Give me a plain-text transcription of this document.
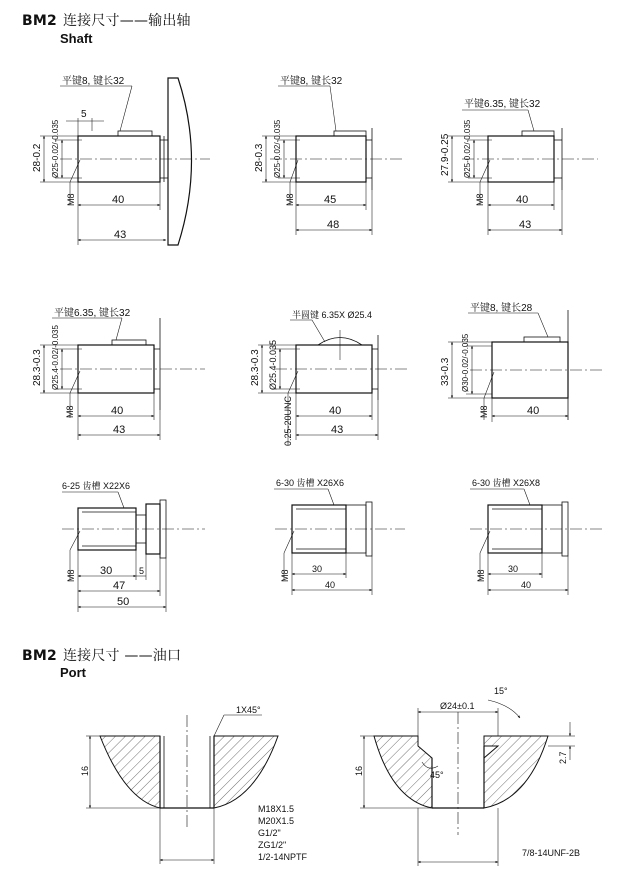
BM2 连接尺寸——输出轴
Shaft
BM2 连接尺寸 ——油口
Port
28-0.2 Ø25-0.02/-0.035
M8
平键8, 键长32
5
40
43
28-0.3 Ø25-0.02/-0.035
M8
平键8, 键长32
45
48
27.9-0.25 Ø25-0.02/-0.035
M8
平键6.35, 键长32
40
43
28.3-0.3 Ø25.4-0.02/-0.035
M8
平键6.35, 键长32
40
43
28.3-0.3 Ø25.4-0.035
0.25-20UNC
半圆键 6.35X Ø25.4
40
43
33-0.3 Ø30-0.02/-0.035
M8
平键8, 键长28
40
6-25 齿槽 X22X6
M8 30	5
47
50
6-30 齿槽 X26X6
M8
30
40
6-30 齿槽 X26X8
M8
30
40
16
1X45°
M18X1.5
M20X1.5
G1/2"
ZG1/2"
1/2-14NPTF
16
Ø24±0.1
15°
2.7
45°
7/8-14UNF-2B
